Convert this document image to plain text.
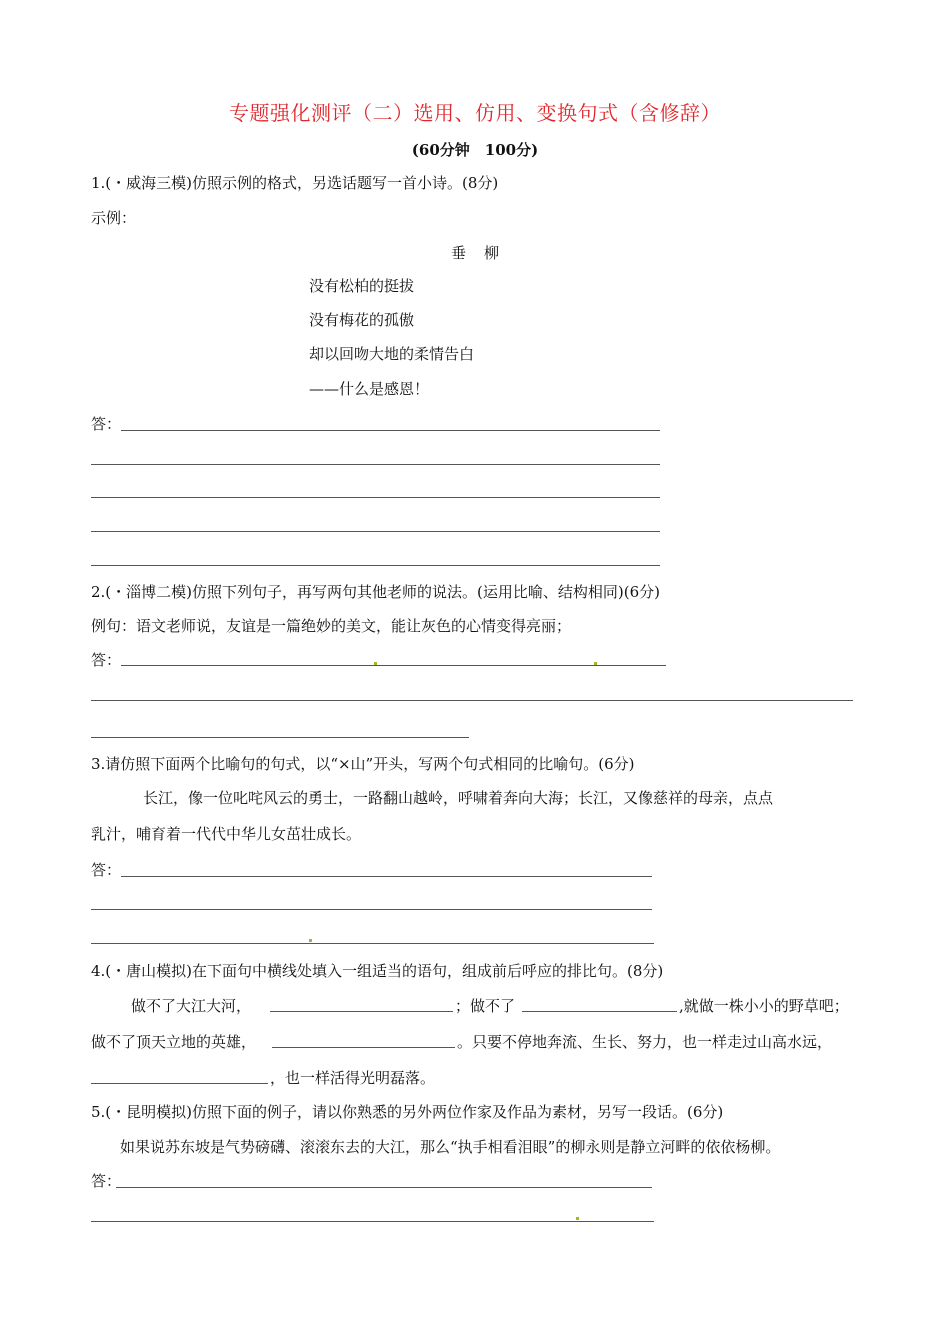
专题强化测评（二）选用、仿用、变换句式（含修辞）
(60分钟　100分)
1.(・威海三模)仿照示例的格式，另选话题写一首小诗。(8分)
示例：
垂柳
没有松柏的挺拔
没有梅花的孤傲
却以回吻大地的柔情告白
——什么是感恩！
答：
2.(・淄博二模)仿照下列句子，再写两句其他老师的说法。(运用比喻、结构相同)(6分)
例句：语文老师说，友谊是一篇绝妙的美文，能让灰色的心情变得亮丽；
答：
3.请仿照下面两个比喻句的句式，以“×山”开头，写两个句式相同的比喻句。(6分)
长江，像一位叱咤风云的勇士，一路翻山越岭，呼啸着奔向大海；长江，又像慈祥的母亲，点点
乳汁，哺育着一代代中华儿女茁壮成长。
答：
4.(・唐山模拟)在下面句中横线处填入一组适当的语句，组成前后呼应的排比句。(8分)
做不了大江大河，	；做不了	,就做一株小小的野草吧；
做不了顶天立地的英雄，	。只要不停地奔流、生长、努力，也一样走过山高水远，
，也一样活得光明磊落。
5.(・昆明模拟)仿照下面的例子，请以你熟悉的另外两位作家及作品为素材，另写一段话。(6分)
如果说苏东坡是气势磅礴、滚滚东去的大江，那么“执手相看泪眼”的柳永则是静立河畔的依依杨柳。
答：
